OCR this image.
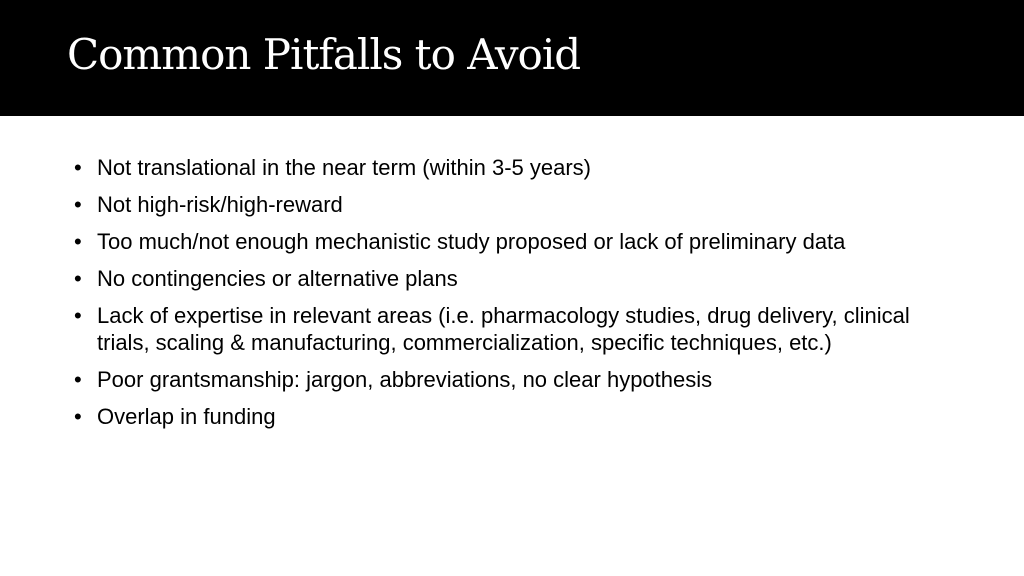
Common Pitfalls to Avoid
• Not translational in the near term (within 3-5 years)
• Not high-risk/high-reward
• Too much/not enough mechanistic study proposed or lack of preliminary data
• No contingencies or alternative plans
• Lack of expertise in relevant areas (i.e. pharmacology studies, drug delivery, clinical trials, scaling & manufacturing, commercialization, specific techniques, etc.)
• Poor grantsmanship: jargon, abbreviations, no clear hypothesis
• Overlap in funding
